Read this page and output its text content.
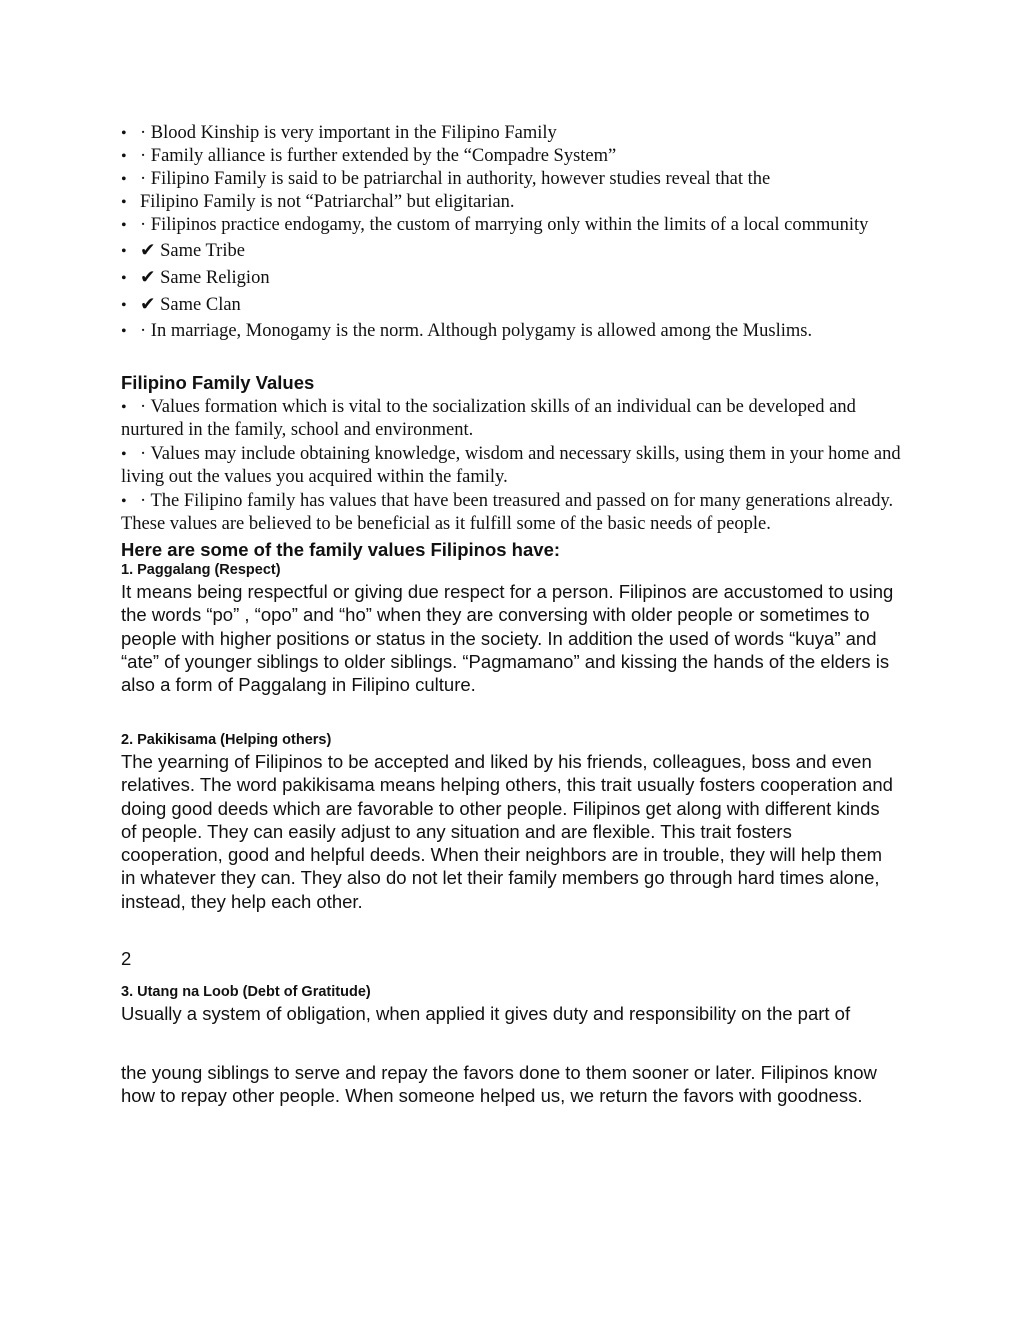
• · Blood Kinship is very important in the Filipino Family
• · Family alliance is further extended by the “Compadre System”
• · Filipino Family is said to be patriarchal in authority, however studies reveal that the
• Filipino Family is not “Patriarchal” but eligitarian.
• · Filipinos practice endogamy, the custom of marrying only within the limits of a local community
• ✔ Same Tribe
• ✔ Same Religion
• ✔ Same Clan
• · In marriage, Monogamy is the norm. Although polygamy is allowed among the Muslims.
Filipino Family Values
• · Values formation which is vital to the socialization skills of an individual can be developed and nurtured in the family, school and environment.
• · Values may include obtaining knowledge, wisdom and necessary skills, using them in your home and living out the values you acquired within the family.
• · The Filipino family has values that have been treasured and passed on for many generations already. These values are believed to be beneficial as it fulfill some of the basic needs of people.
Here are some of the family values Filipinos have:
1. Paggalang (Respect)
It means being respectful or giving due respect for a person. Filipinos are accustomed to using the words “po” , “opo” and “ho” when they are conversing with older people or sometimes to people with higher positions or status in the society. In addition the used of words “kuya” and “ate” of younger siblings to older siblings. “Pagmamano” and kissing the hands of the elders is also a form of Paggalang in Filipino culture.
2. Pakikisama (Helping others)
The yearning of Filipinos to be accepted and liked by his friends, colleagues, boss and even relatives. The word pakikisama means helping others, this trait usually fosters cooperation and doing good deeds which are favorable to other people. Filipinos get along with different kinds of people. They can easily adjust to any situation and are flexible. This trait fosters cooperation, good and helpful deeds. When their neighbors are in trouble, they will help them in whatever they can. They also do not let their family members go through hard times alone, instead, they help each other.
2
3. Utang na Loob (Debt of Gratitude)
Usually a system of obligation, when applied it gives duty and responsibility on the part of
the young siblings to serve and repay the favors done to them sooner or later. Filipinos know how to repay other people. When someone helped us, we return the favors with goodness.
